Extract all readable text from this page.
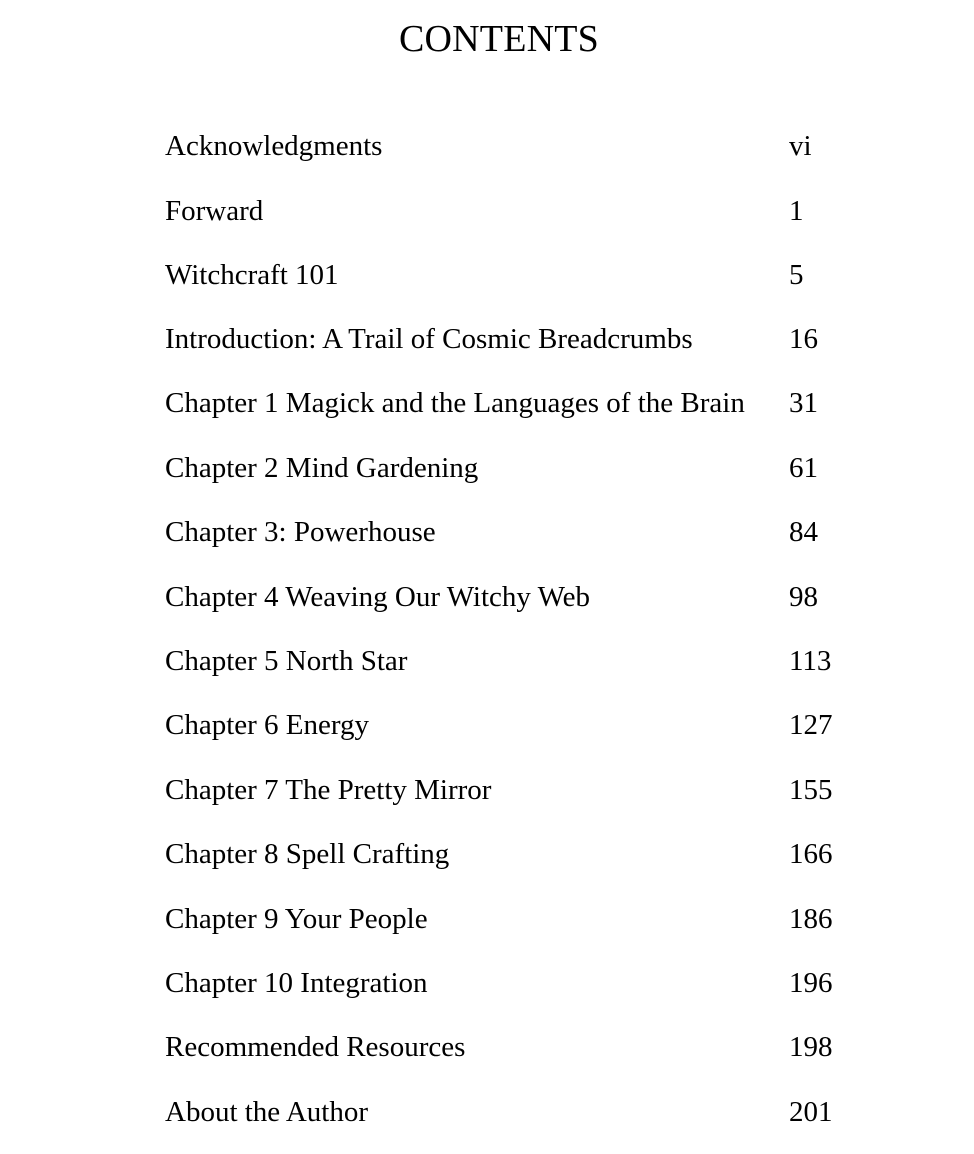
CONTENTS
Acknowledgments	vi
Forward	1
Witchcraft 101	5
Introduction: A Trail of Cosmic Breadcrumbs	16
Chapter 1 Magick and the Languages of the Brain 31
Chapter 2 Mind Gardening	61
Chapter 3: Powerhouse	84
Chapter 4 Weaving Our Witchy Web	98
Chapter 5 North Star	113
Chapter 6 Energy	127
Chapter 7 The Pretty Mirror	155
Chapter 8 Spell Crafting	166
Chapter 9 Your People	186
Chapter 10 Integration	196
Recommended Resources	198
About the Author	201
